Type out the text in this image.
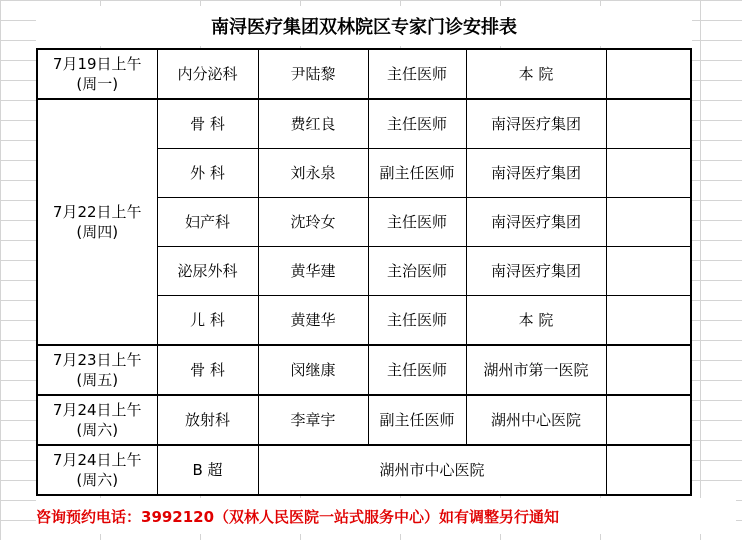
南浔医疗集团双林院区专家门诊安排表
7月19日上午
(周一)	内分泌科	尹陆黎	主任医师	本 院	

7月22日上午
(周四)	骨 科	费红良	主任医师	南浔医疗集团	
	外 科	刘永泉	副主任医师	南浔医疗集团	
	妇产科	沈玲女	主任医师	南浔医疗集团	
	泌尿外科	黄华建	主治医师	南浔医疗集团	
	儿 科	黄建华	主任医师	本 院	

7月23日上午
(周五)	骨 科	闵继康	主任医师	湖州市第一医院	

7月24日上午
(周六)	放射科	李章宇	副主任医师	湖州中心医院	

7月24日上午
(周六)	B 超	湖州市中心医院			
咨询预约电话：3992120（双林人民医院一站式服务中心）如有调整另行通知
